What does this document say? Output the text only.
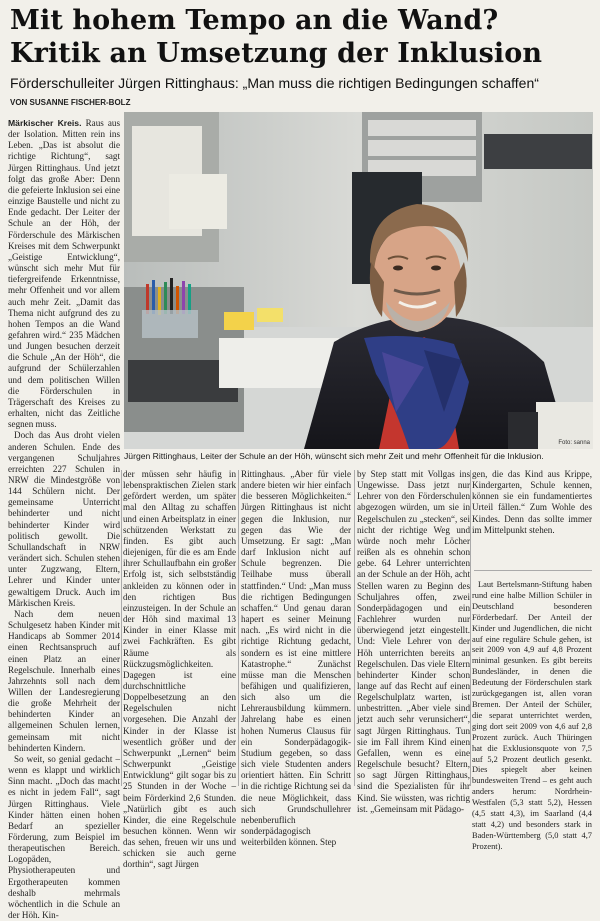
Mit hohem Tempo an die Wand?
Kritik an Umsetzung der Inklusion
Förderschulleiter Jürgen Rittinghaus: „Man muss die richtigen Bedingungen schaffen“
VON SUSANNE FISCHER-BOLZ

Märkischer Kreis. Raus aus der Isolation. Mitten rein ins Leben. „Das ist absolut die richtige Richtung“, sagt Jürgen Rittinghaus. Und jetzt folgt das große Aber: Denn die gefeierte Inklusion sei eine einzige Baustelle und nicht zu Ende gedacht. Der Leiter der Schule an der Höh, der Förderschule des Märkischen Kreises mit dem Schwerpunkt „Geistige Entwicklung“, wünscht sich mehr Mut für tiefergreifende Erkenntnisse, mehr Offenheit und vor allem auch mehr Zeit. „Damit das Thema nicht aufgrund des zu hohen Tempos an die Wand gefahren wird.“ 235 Mädchen und Jungen besuchen derzeit die Schule „An der Höh“, die aufgrund der Schülerzahlen und dem politischen Willen die Förderschulen in Trägerschaft des Kreises zu erhalten, nicht das Zeitliche segnen muss.

Doch das Aus droht vielen anderen Schulen. Ende des vergangenen Schuljahres erreichten 227 Schulen in NRW die Mindestgröße von 144 Schülern nicht. Der gemeinsame Unterricht behinderter und nicht behinderter Kinder wird politisch gewollt. Die Schullandschaft in NRW verändert sich. Schulen stehen unter Zugzwang, Eltern, Lehrer und Kinder unter gewaltigem Druck. Auch im Märkischen Kreis.

Nach dem neuen Schulgesetz haben Kinder mit Handicaps ab Sommer 2014 einen Rechtsanspruch auf einen Platz an einer Regelschule. Innerhalb eines Jahrzehnts soll nach dem Willen der Landesregierung die große Mehrheit der behinderten Kinder an allgemeinen Schulen lernen, gemeinsam mit nicht behinderten Kindern.

So weit, so genial gedacht – wenn es klappt und wirklich Sinn macht. „Doch das macht es nicht in jedem Fall“, sagt Jürgen Rittinghaus. Viele Kinder hätten einen hohen Bedarf an spezieller Förderung, zum Beispiel im therapeutischen Bereich. Logopäden, Physiotherapeuten und Ergotherapeuten kommen deshalb mehrmals wöchentlich in die Schule an der Höh. Kin-

Foto: sanna
Jürgen Rittinghaus, Leiter der Schule an der Höh, wünscht sich mehr Zeit und mehr Offenheit für die Inklusion.

der müssen sehr häufig in lebenspraktischen Zielen stark gefördert werden, um später mal den Alltag zu schaffen und einen Arbeitsplatz in einer schützenden Werkstatt zu finden. Es gibt auch diejenigen, für die es am Ende ihrer Schullaufbahn ein großer Erfolg ist, sich selbstständig ankleiden zu können oder in den richtigen Bus einzusteigen. In der Schule an der Höh sind maximal 13 Kinder in einer Klasse mit zwei Fachkräften. Es gibt Räume als Rückzugsmöglichkeiten. Dagegen ist eine durchschnittliche Doppelbesetzung an den Regelschulen nicht vorgesehen. Die Anzahl der Kinder in der Klasse ist wesentlich größer und der Schwerpunkt „Lernen“ beim Schwerpunkt „Geistige Entwicklung“ gilt sogar bis zu 25 Stunden in der Woche – beim Förderkind 2,6 Stunden. „Natürlich gibt es auch Kinder, die eine Regelschule besuchen können. Wenn wir das sehen, freuen wir uns und schicken sie auch gerne dorthin“, sagt Jürgen

Rittinghaus. „Aber für viele andere bieten wir hier einfach die besseren Möglichkeiten.“ Jürgen Rittinghaus ist nicht gegen die Inklusion, nur gegen das Wie der Umsetzung. Er sagt: „Man darf Inklusion nicht auf Schule begrenzen. Die Teilhabe muss überall stattfinden.“ Und: „Man muss die richtigen Bedingungen schaffen.“ Und genau daran hapert es seiner Meinung nach. „Es wird nicht in die richtige Richtung gedacht, sondern es ist eine mittlere Katastrophe.“ Zunächst müsse man die Menschen befähigen und qualifizieren, sich also um die Lehrerausbildung kümmern. Jahrelang habe es einen hohen Numerus Clausus für ein Sonderpädagogik-Studium gegeben, so dass sich viele Studenten anders orientiert hätten. Ein Schritt in die richtige Richtung sei da die neue Möglichkeit, dass sich Grundschullehrer nebenberuflich sonderpädagogisch weiterbilden können. Step

by Step statt mit Vollgas ins Ungewisse. Dass jetzt nur Lehrer von den Förderschulen abgezogen würden, um sie in Regelschulen zu „stecken“, sei nicht der richtige Weg und würde noch mehr Löcher reißen als es ohnehin schon gebe. 64 Lehrer unterrichten an der Schule an der Höh, acht Stellen waren zu Beginn des Schuljahres offen, zwei Sonderpädagogen und ein Fachlehrer wurden nur überwiegend jetzt eingestellt. Und: Viele Lehrer von der Höh unterrichten bereits an Regelschulen. Das viele Eltern behinderter Kinder schon lange auf das Recht auf einen Regelschulplatz warten, ist unbestritten. „Aber viele sind jetzt auch sehr verunsichert“, sagt Jürgen Rittinghaus. Tun sie im Fall ihrem Kind einen Gefallen, wenn es eine Regelschule besucht? Eltern, so sagt Jürgen Rittinghaus, sind die Spezialisten für ihr Kind. Sie wüssten, was richtig ist. „Gemeinsam mit Pädago-

gen, die das Kind aus Krippe, Kindergarten, Schule kennen, können sie ein fundamentiertes Urteil fällen.“ Zum Wohle des Kindes. Denn das sollte immer im Mittelpunkt stehen.

Laut Bertelsmann-Stiftung haben rund eine halbe Million Schüler in Deutschland besonderen Förderbedarf. Der Anteil der Kinder und Jugendlichen, die nicht auf eine reguläre Schule gehen, ist seit 2009 von 4,9 auf 4,8 Prozent minimal gesunken. Es gibt bereits Bundesländer, in denen die Bedeutung der Förderschulen stark zurückgegangen ist, allen voran Bremen. Der Anteil der Schüler, die separat unterrichtet werden, ging dort seit 2009 von 4,6 auf 2,8 Prozent zurück. Auch Thüringen hat die Exklusionsquote von 7,5 auf 5,2 Prozent deutlich gesenkt. Dies spiegelt aber keinen bundesweiten Trend – es geht auch anders herum: Nordrhein-Westfalen (5,3 statt 5,2), Hessen (4,5 statt 4,3), im Saarland (4,4 statt 4,2) und besonders stark in Baden-Württemberg (5,0 statt 4,7 Prozent).
